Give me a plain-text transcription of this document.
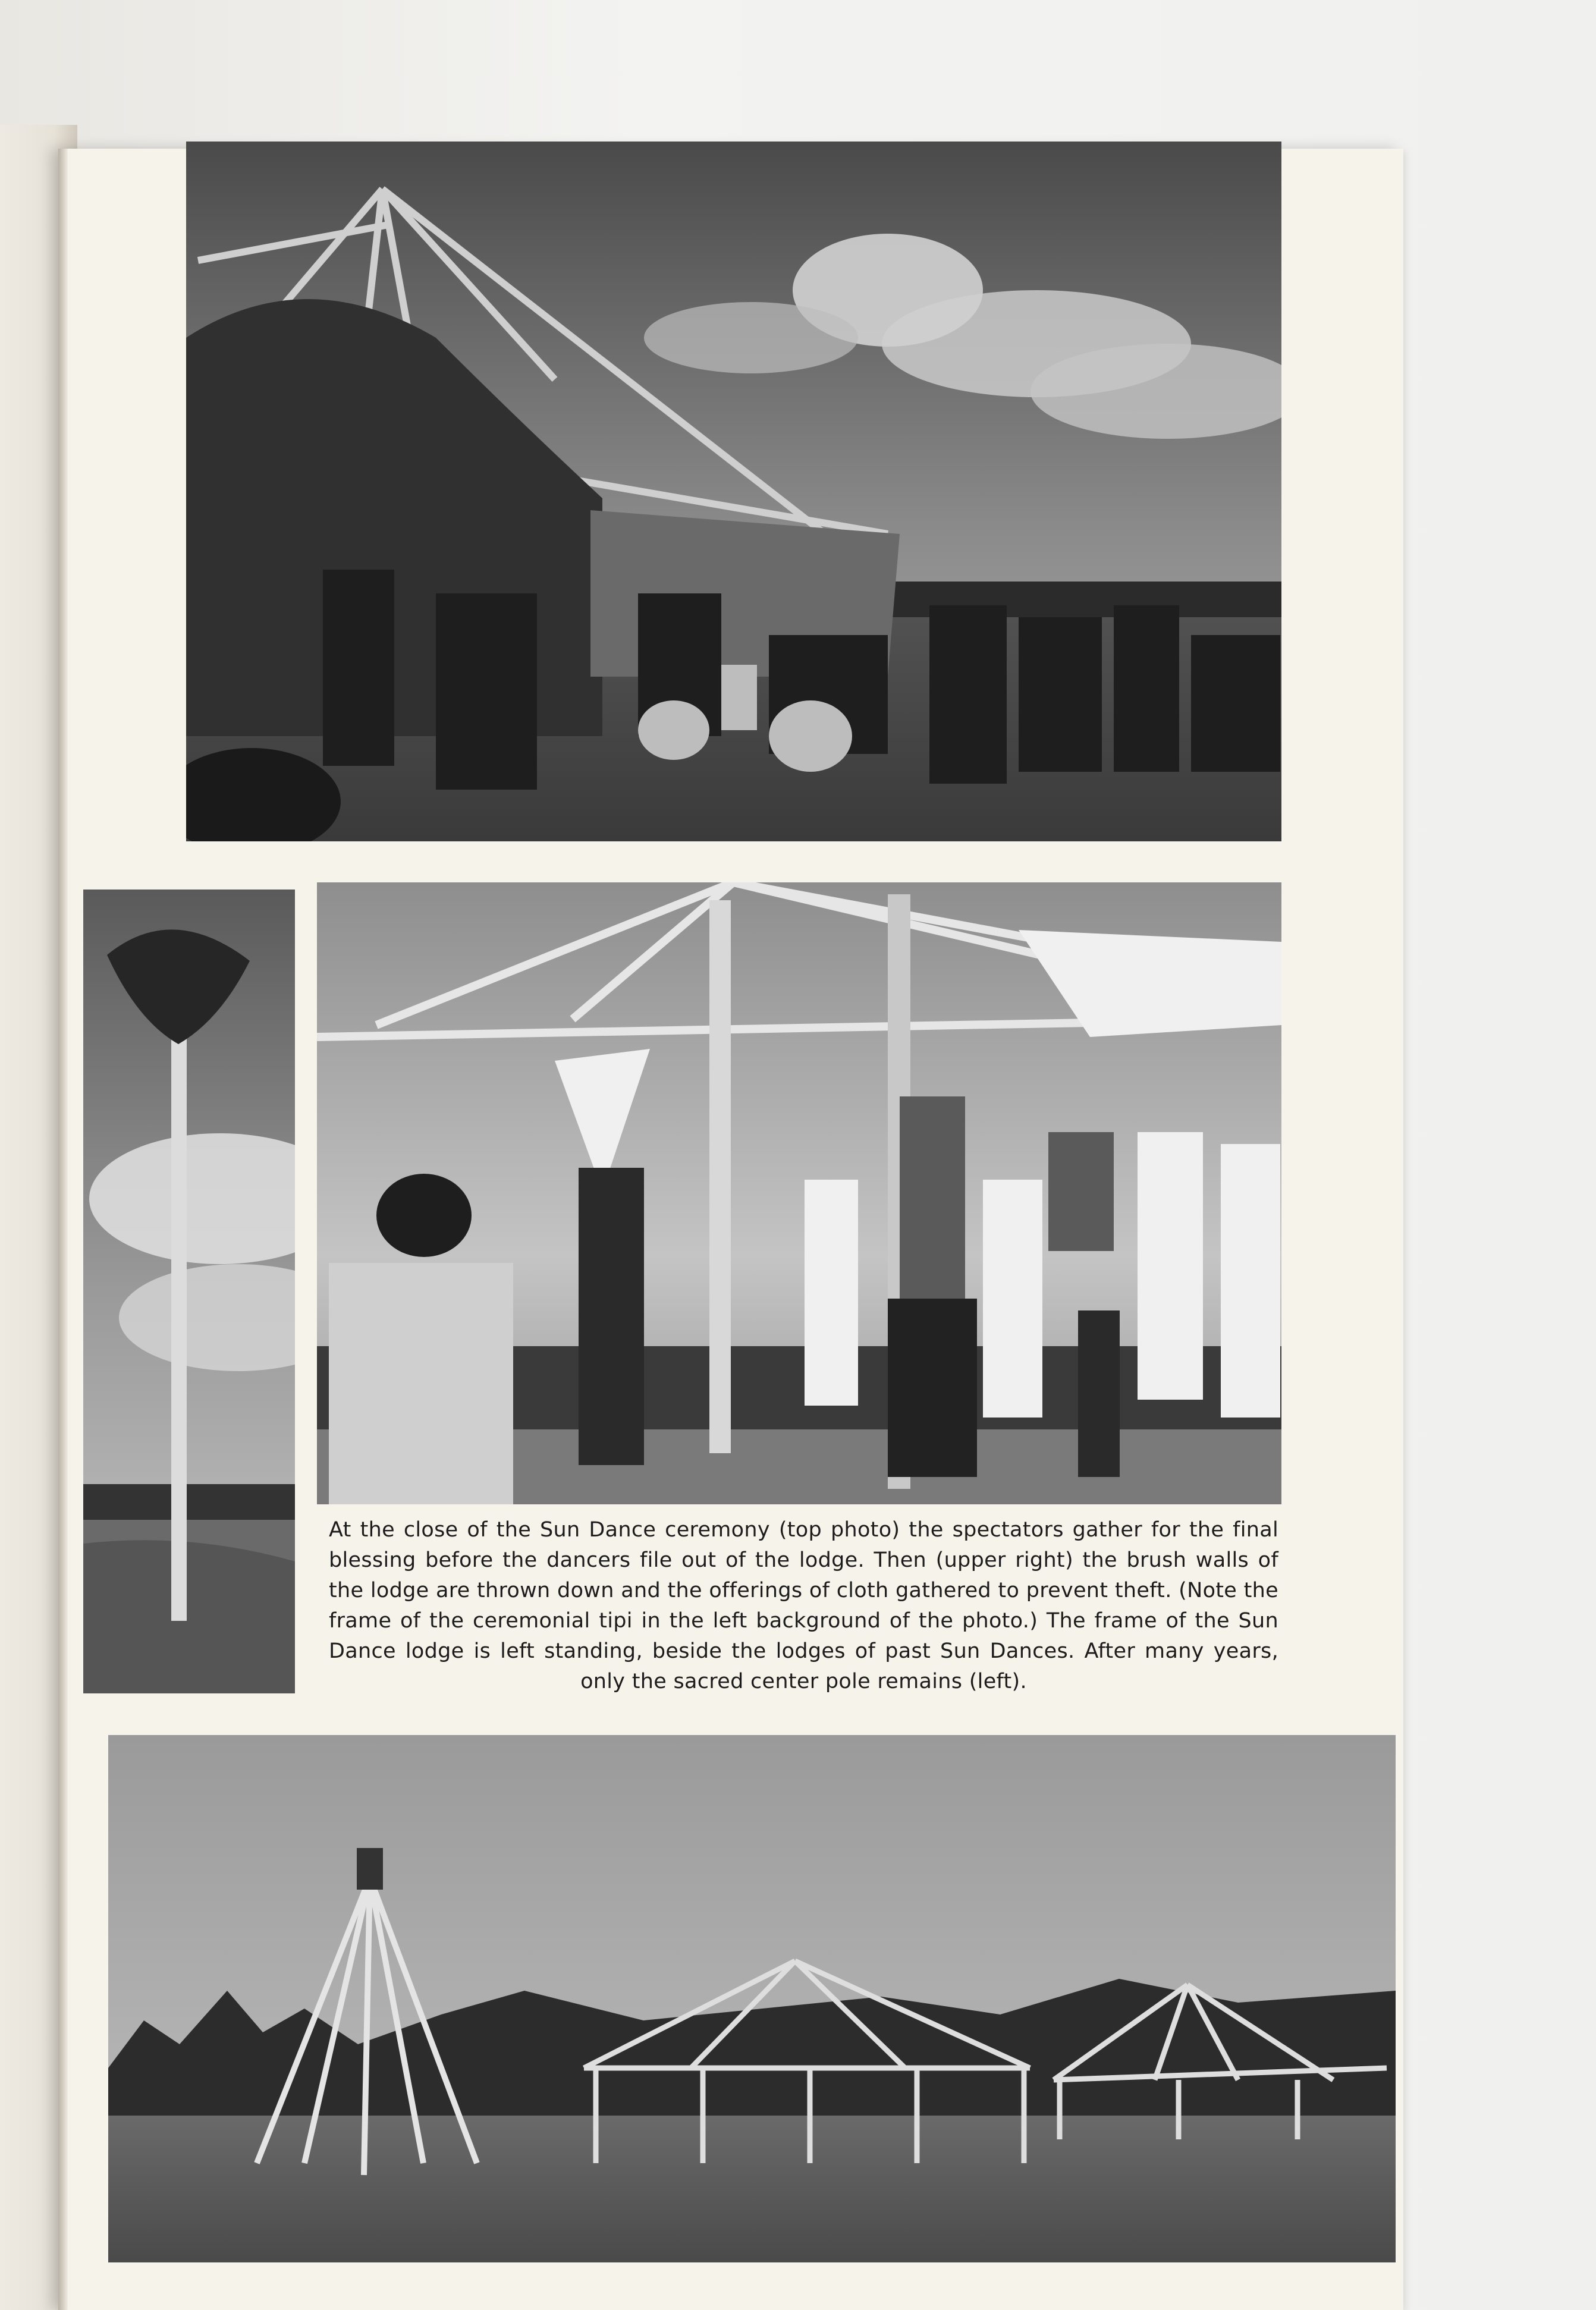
At the close of the Sun Dance ceremony (top photo) the spectators gather for the final blessing before the dancers file out of the lodge. Then (upper right) the brush walls of the lodge are thrown down and the offerings of cloth gathered to prevent theft. (Note the frame of the ceremonial tipi in the left background of the photo.) The frame of the Sun Dance lodge is left standing, beside the lodges of past Sun Dances. After many years, only the sacred center pole remains (left).
